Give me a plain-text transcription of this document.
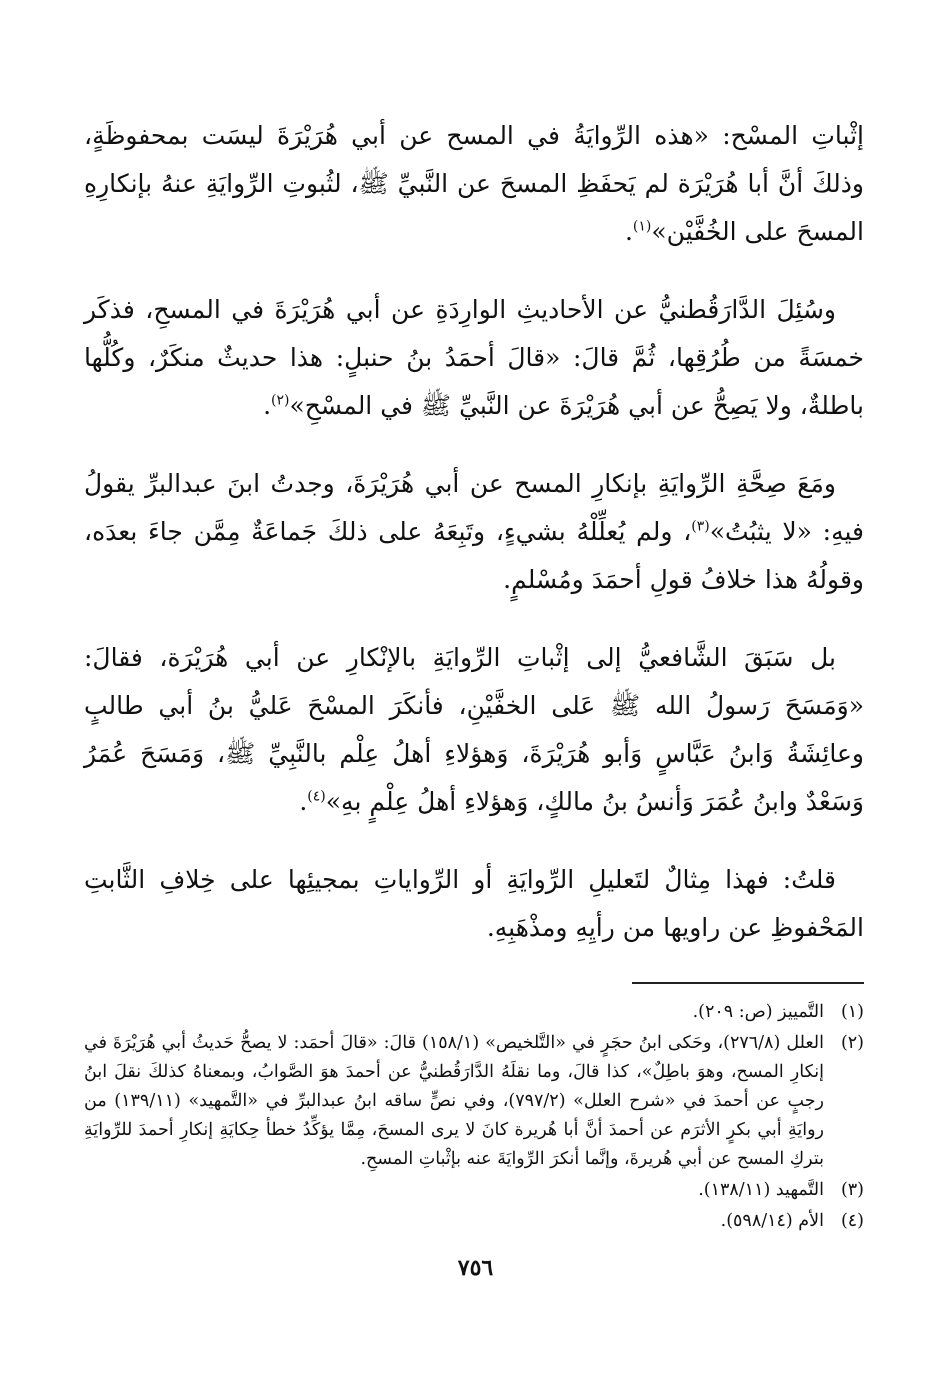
إثْباتِ المسْح: «هذه الرِّوايَةُ في المسح عن أبي هُرَيْرَةَ ليسَت بمحفوظَةٍ، وذلكَ أنَّ أبا هُرَيْرَة لم يَحفَظِ المسحَ عن النَّبيِّ ﷺ، لثُبوتِ الرِّوايَةِ عنهُ بإنكارِهِ المسحَ على الخُفَّيْن»$^{(١)}$.

وسُئِلَ الدَّارَقُطنيُّ عن الأحاديثِ الوارِدَةِ عن أبي هُرَيْرَةَ في المسحِ، فذكَر خمسَةً من طُرُقِها، ثُمَّ قالَ: «قالَ أحمَدُ بنُ حنبلٍ: هذا حديثٌ منكَرٌ، وكُلُّها باطلةٌ، ولا يَصِحُّ عن أبي هُرَيْرَةَ عن النَّبيِّ ﷺ في المسْحِ»$^{(٢)}$.

ومَعَ صِحَّةِ الرِّوايَةِ بإنكارِ المسح عن أبي هُرَيْرَةَ، وجدتُ ابنَ عبدالبرِّ يقولُ فيهِ: «لا يثبُتُ»$^{(٣)}$، ولم يُعلِّلْهُ بشيءٍ، وتَبِعَهُ على ذلكَ جَماعَةٌ مِمَّن جاءَ بعدَه، وقولُهُ هذا خلافُ قولِ أحمَدَ ومُسْلمٍ.

بل سَبَقَ الشَّافعيُّ إلى إثْباتِ الرِّوايَةِ بالإنْكارِ عن أبي هُرَيْرَة، فقالَ: «وَمَسَحَ رَسولُ الله ﷺ عَلى الخفَّيْنِ، فأنكَرَ المسْحَ عَليُّ بنُ أبي طالبٍ وعائِشَةُ وَابنُ عَبَّاسٍ وَأبو هُرَيْرَةَ، وَهؤلاءِ أهلُ عِلْم بالنَّبِيِّ ﷺ، وَمَسَحَ عُمَرُ وَسَعْدٌ وابنُ عُمَرَ وَأنسُ بنُ مالكٍ، وَهؤلاءِ أهلُ عِلْمٍ بهِ»$^{(٤)}$.

قلتُ: فهذا مِثالٌ لتَعليلِ الرِّوايَةِ أو الرِّواياتِ بمجيئِها على خِلافِ الثَّابتِ المَحْفوظِ عن راويها من رأيِهِ ومذْهَبِهِ.

(١)
التَّمييز (ص: ٢٠٩).
(٢)
العلل (٢٧٦/٨)، وحَكى ابنُ حجَرٍ في «التَّلخيص» (١٥٨/١) قالَ: «قالَ أحمَد: لا يصحُّ حَديثُ أبي هُرَيْرَةَ في إنكارِ المسح، وهوَ باطِلٌ»، كذا قالَ، وما نقلَهُ الدَّارَقُطنيُّ عن أحمدَ هوَ الصَّوابُ، وبمعناهُ كذلكَ نقلَ ابنُ رجبٍ عن أحمدَ في «شرح العلل» (٧٩٧/٢)، وفي نصٍّ ساقه ابنُ عبدالبرِّ في «التَّمهيد» (١٣٩/١١) من روايَةِ أبي بكرٍ الأثرَم عن أحمدَ أنَّ أبا هُريرة كانَ لا يرى المسحَ، مِمَّا يؤكِّدُ خطأ حِكايَةِ إنكارِ أحمدَ للرِّوايَةِ بتركِ المسح عن أبي هُريرةَ، وإنَّما أنكرَ الرِّوايَةَ عنه بإثْباتِ المسحِ.
(٣)
التَّمهيد (١٣٨/١١).
(٤)
الأم (٥٩٨/١٤).
٧٥٦
